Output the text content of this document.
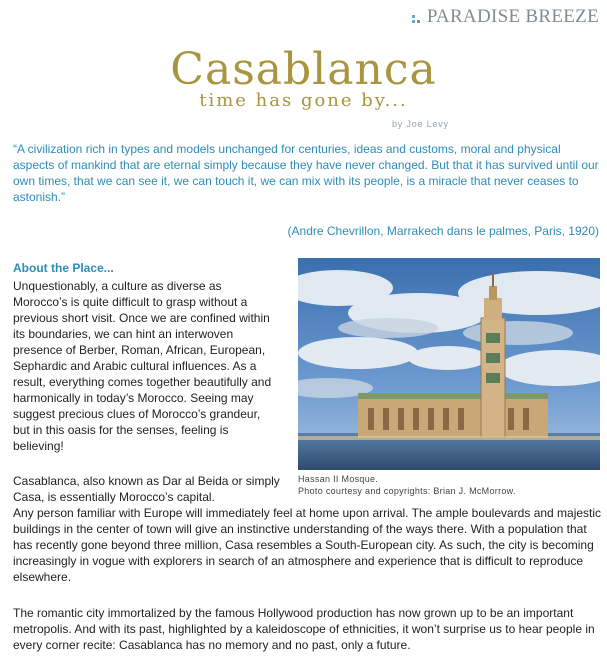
PARADISE BREEZE
Casablanca
time has gone by...
by Joe Levy

“A civilization rich in types and models unchanged for centuries, ideas and customs, moral and physical aspects of mankind that are eternal simply because they have never changed. But that it has survived until our own times, that we can see it, we can touch it, we can mix with its people, is a miracle that never ceases to astonish.”

(Andre Chevrillon, Marrakech dans le palmes, Paris, 1920)

About the Place...

Unquestionably, a culture as diverse as Morocco’s is quite difficult to grasp without a previous short visit. Once we are confined within its boundaries, we can hint an interwoven presence of Berber, Roman, African, European, Sephardic and Arabic cultural influences. As a result, everything comes together beautifully and harmonically in today’s Morocco. Seeing may suggest precious clues of Morocco’s grandeur, but in this oasis for the senses, feeling is believing!

Hassan II Mosque.
Photo courtesy and copyrights: Brian J. McMorrow.

Casablanca, also known as Dar al Beida or simply Casa, is essentially Morocco’s capital.

Any person familiar with Europe will immediately feel at home upon arrival. The ample boulevards and majestic buildings in the center of town will give an instinctive understanding of the ways there. With a population that has recently gone beyond three million, Casa resembles a South-European city. As such, the city is becoming increasingly in vogue with explorers in search of an atmosphere and experience that is difficult to reproduce elsewhere.

The romantic city immortalized by the famous Hollywood production has now grown up to be an important metropolis. And with its past, highlighted by a kaleidoscope of ethnicities, it won’t surprise us to hear people in every corner recite: Casablanca has no memory and no past, only a future.
